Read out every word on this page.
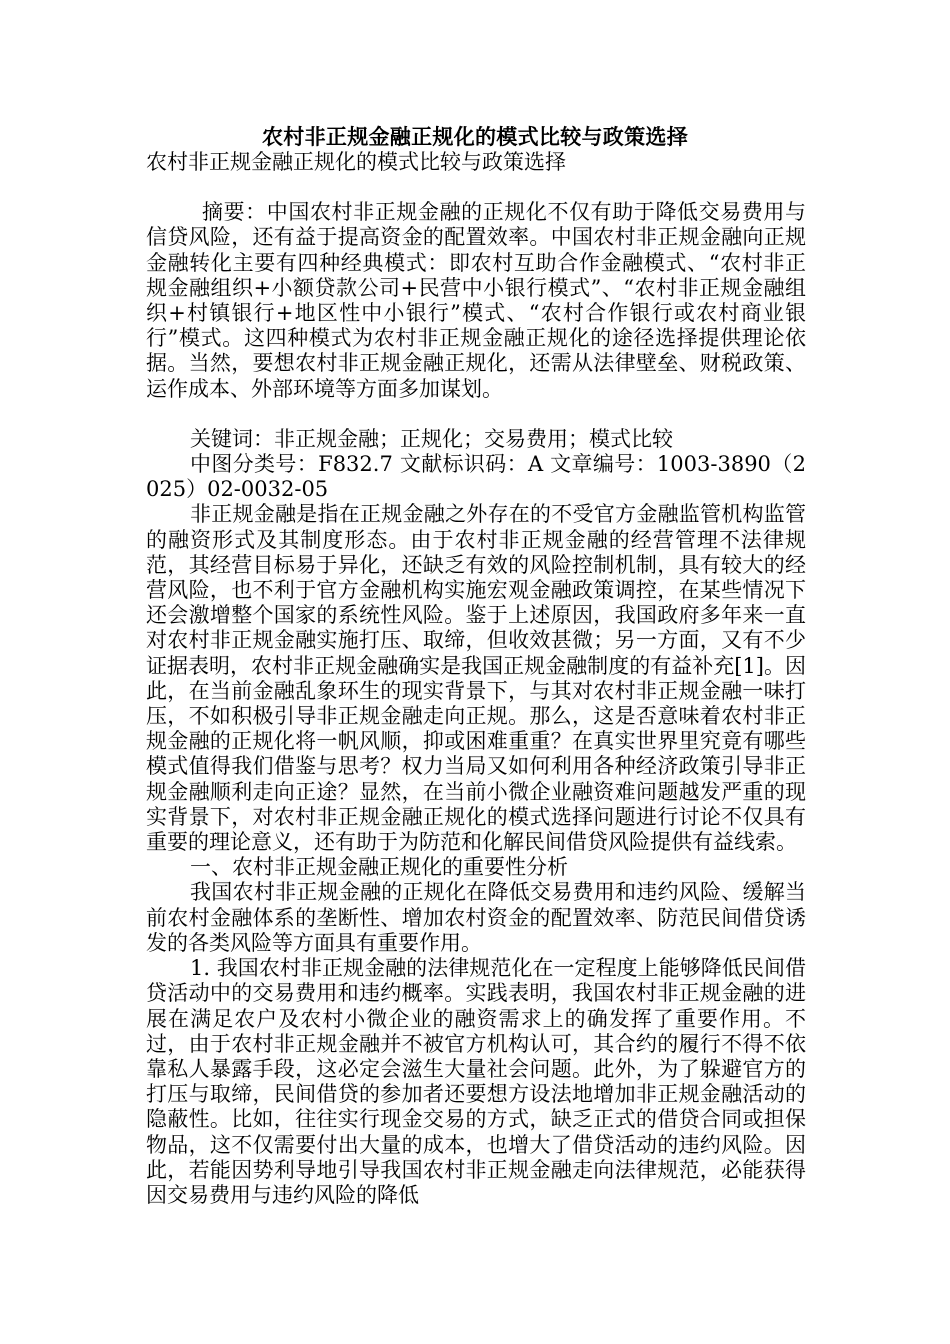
农村非正规金融正规化的模式比较与政策选择

农村非正规金融正规化的模式比较与政策选择

摘要：中国农村非正规金融的正规化不仅有助于降低交易费用与信贷风险，还有益于提高资金的配置效率。中国农村非正规金融向正规金融转化主要有四种经典模式：即农村互助合作金融模式、“农村非正规金融组织+小额贷款公司+民营中小银行模式”、“农村非正规金融组织+村镇银行+地区性中小银行”模式、“农村合作银行或农村商业银行”模式。这四种模式为农村非正规金融正规化的途径选择提供理论依据。当然，要想农村非正规金融正规化，还需从法律壁垒、财税政策、运作成本、外部环境等方面多加谋划。

关键词：非正规金融；正规化；交易费用；模式比较

中图分类号：F832.7 文献标识码：A 文章编号：1003-3890（2025）02-0032-05

非正规金融是指在正规金融之外存在的不受官方金融监管机构监管的融资形式及其制度形态。由于农村非正规金融的经营管理不法律规范，其经营目标易于异化，还缺乏有效的风险控制机制，具有较大的经营风险，也不利于官方金融机构实施宏观金融政策调控，在某些情况下还会激增整个国家的系统性风险。鉴于上述原因，我国政府多年来一直对农村非正规金融实施打压、取缔，但收效甚微；另一方面，又有不少证据表明，农村非正规金融确实是我国正规金融制度的有益补充[1]。因此，在当前金融乱象环生的现实背景下，与其对农村非正规金融一味打压，不如积极引导非正规金融走向正规。那么，这是否意味着农村非正规金融的正规化将一帆风顺，抑或困难重重？在真实世界里究竟有哪些模式值得我们借鉴与思考？权力当局又如何利用各种经济政策引导非正规金融顺利走向正途？显然，在当前小微企业融资难问题越发严重的现实背景下，对农村非正规金融正规化的模式选择问题进行讨论不仅具有重要的理论意义，还有助于为防范和化解民间借贷风险提供有益线索。

一、农村非正规金融正规化的重要性分析

我国农村非正规金融的正规化在降低交易费用和违约风险、缓解当前农村金融体系的垄断性、增加农村资金的配置效率、防范民间借贷诱发的各类风险等方面具有重要作用。

1. 我国农村非正规金融的法律规范化在一定程度上能够降低民间借贷活动中的交易费用和违约概率。实践表明，我国农村非正规金融的进展在满足农户及农村小微企业的融资需求上的确发挥了重要作用。不过，由于农村非正规金融并不被官方机构认可，其合约的履行不得不依靠私人暴露手段，这必定会滋生大量社会问题。此外，为了躲避官方的打压与取缔，民间借贷的参加者还要想方设法地增加非正规金融活动的隐蔽性。比如，往往实行现金交易的方式，缺乏正式的借贷合同或担保物品，这不仅需要付出大量的成本，也增大了借贷活动的违约风险。因此，若能因势利导地引导我国农村非正规金融走向法律规范，必能获得因交易费用与违约风险的降低
